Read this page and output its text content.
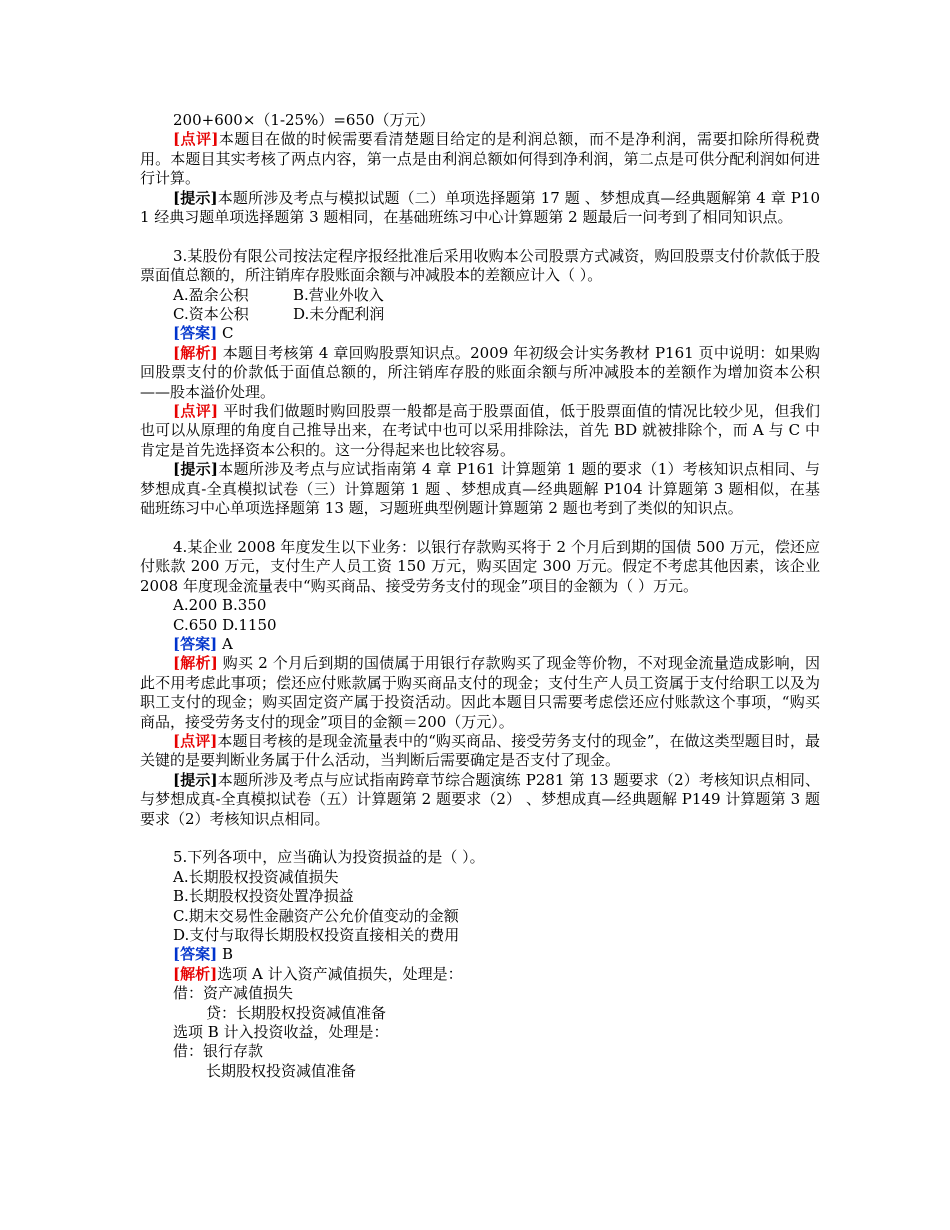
200+600×（1-25%）=650（万元）

[点评]本题目在做的时候需要看清楚题目给定的是利润总额，而不是净利润，需要扣除所得税费用。本题目其实考核了两点内容，第一点是由利润总额如何得到净利润，第二点是可供分配利润如何进行计算。

[提示]本题所涉及考点与模拟试题（二）单项选择题第 17 题 、梦想成真—经典题解第 4 章 P101 经典习题单项选择题第 3 题相同，在基础班练习中心计算题第 2 题最后一问考到了相同知识点。

3.某股份有限公司按法定程序报经批准后采用收购本公司股票方式减资，购回股票支付价款低于股票面值总额的，所注销库存股账面余额与冲减股本的差额应计入（ ）。

A.盈余公积	B.营业外收入
C.资本公积	D.未分配利润

[答案] C

[解析] 本题目考核第 4 章回购股票知识点。2009 年初级会计实务教材 P161 页中说明：如果购回股票支付的价款低于面值总额的，所注销库存股的账面余额与所冲减股本的差额作为增加资本公积——股本溢价处理。

[点评] 平时我们做题时购回股票一般都是高于股票面值，低于股票面值的情况比较少见，但我们也可以从原理的角度自己推导出来，在考试中也可以采用排除法，首先 BD 就被排除个，而 A 与 C 中肯定是首先选择资本公积的。这一分得起来也比较容易。

[提示]本题所涉及考点与应试指南第 4 章 P161 计算题第 1 题的要求（1）考核知识点相同、与梦想成真-全真模拟试卷（三）计算题第 1 题 、梦想成真—经典题解 P104 计算题第 3 题相似，在基础班练习中心单项选择题第 13 题，习题班典型例题计算题第 2 题也考到了类似的知识点。

4.某企业 2008 年度发生以下业务：以银行存款购买将于 2 个月后到期的国债 500 万元，偿还应付账款 200 万元，支付生产人员工资 150 万元，购买固定 300 万元。假定不考虑其他因素，该企业 2008 年度现金流量表中“购买商品、接受劳务支付的现金”项目的金额为（ ）万元。

A.200 B.350

C.650 D.1150

[答案] A

[解析] 购买 2 个月后到期的国债属于用银行存款购买了现金等价物，不对现金流量造成影响，因此不用考虑此事项；偿还应付账款属于购买商品支付的现金；支付生产人员工资属于支付给职工以及为职工支付的现金；购买固定资产属于投资活动。因此本题目只需要考虑偿还应付账款这个事项，“购买商品，接受劳务支付的现金”项目的金额＝200（万元）。

[点评]本题目考核的是现金流量表中的“购买商品、接受劳务支付的现金”，在做这类型题目时，最关键的是要判断业务属于什么活动，当判断后需要确定是否支付了现金。

[提示]本题所涉及考点与应试指南跨章节综合题演练 P281 第 13 题要求（2）考核知识点相同、与梦想成真-全真模拟试卷（五）计算题第 2 题要求（2） 、梦想成真—经典题解 P149 计算题第 3 题要求（2）考核知识点相同。

5.下列各项中，应当确认为投资损益的是（ ）。

A.长期股权投资减值损失

B.长期股权投资处置净损益

C.期末交易性金融资产公允价值变动的金额

D.支付与取得长期股权投资直接相关的费用

[答案] B

[解析]选项 A 计入资产减值损失，处理是：

借：资产减值损失

贷：长期股权投资减值准备

选项 B 计入投资收益，处理是：

借：银行存款

长期股权投资减值准备
